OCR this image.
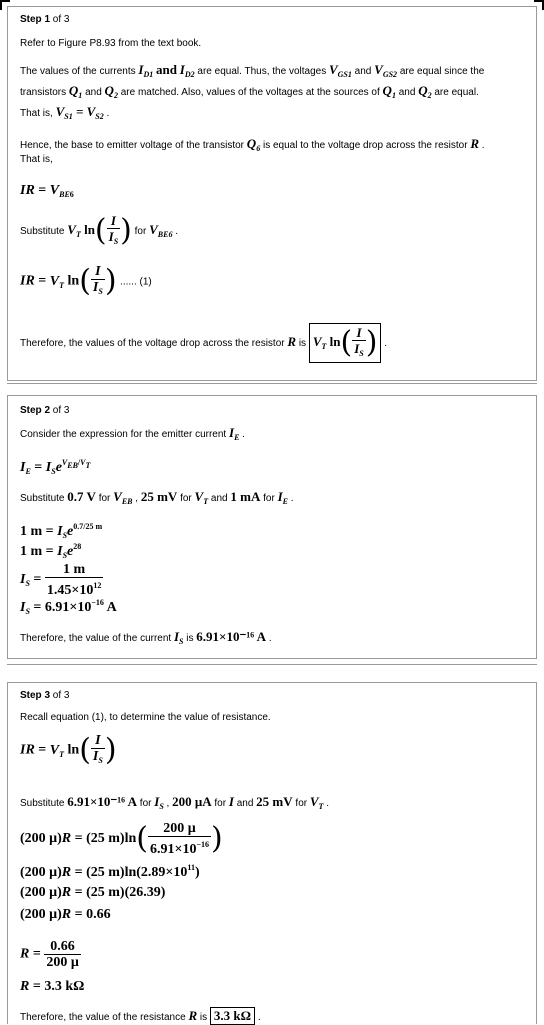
Step 1 of 3
Refer to Figure P8.93 from the text book.
The values of the currents $I_{D1}$ and $I_{D2}$ are equal. Thus, the voltages $V_{GS1}$ and $V_{GS2}$ are equal since the
transistors $Q_1$ and $Q_2$ are matched. Also, values of the voltages at the sources of $Q_1$ and $Q_2$ are equal.
That is, $V_{S1} = V_{S2}$ .
Hence, the base to emitter voltage of the transistor $Q_6$ is equal to the voltage drop across the resistor R .
That is,
IR = $V_{BE6}$
Substitute $V_T$ $\ln( \frac{I}{I_S}$ ) for $V_{BE6}$ .
IR = $V_T$ $\ln( \frac{I}{I_S}$ ) ...... (1)
Therefore, the values of the voltage drop across the resistor R is $V_T$ $\ln( \frac{I}{I_S}$ ) .
Step 2 of 3
Consider the expression for the emitter current $I_E$ .
$I_E = I_Se^{V_{EB}/V_T}$
Substitute 0.7 V for $V_{EB}$ , 25 mV for $V_T$ and 1 mA for $I_E$ .
1 $m = I_Se^{0.7/25 m}$
1 $m = I_Se^{28}$
$I_S = \frac{1 m}{1.45\times 10^{12}}$
$I_S = 6.91\times 10^{-16}$ A
Therefore, the value of the current $I_S$ is 6.91×10⁻¹⁶ A .
Step 3 of 3
Recall equation (1), to determine the value of resistance.
IR = $V_T$ $\ln( \frac{I}{I_S}$ )
Substitute 6.91×10⁻¹⁶ A for $I_S$ , 200 μA for I and 25 mV for $V_T$ .
(200 μ)R = (25 $m)\ln( \frac{200 \mu}{6.91\times 10^{-16}}$ )
(200 μ)R = (25 $m)\ln(2.89\times 10^{11})$
(200 μ)R = (25 m)(26.39)
(200 μ)R = 0.66
$R = \frac{0.66}{200 \mu}$
R = 3.3 kΩ
Therefore, the value of the resistance R is 3.3 kΩ .
